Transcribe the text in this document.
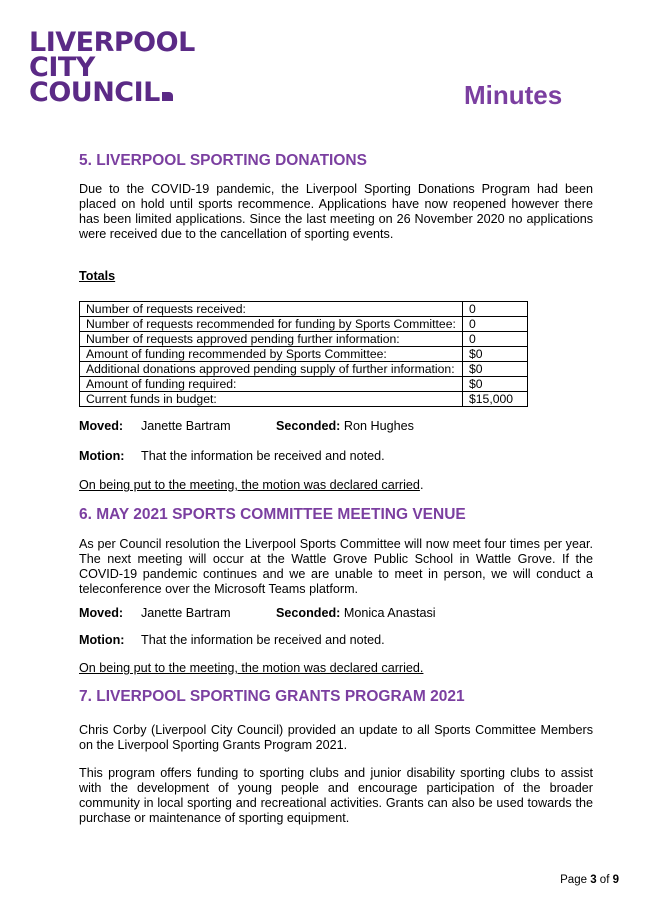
LIVERPOOL
CITY
COUNCIL	Minutes
5. LIVERPOOL SPORTING DONATIONS

Due to the COVID-19 pandemic, the Liverpool Sporting Donations Program had been placed on hold until sports recommence. Applications have now reopened however there has been limited applications. Since the last meeting on 26 November 2020 no applications were received due to the cancellation of sporting events.

Totals
Number of requests received:	0
Number of requests recommended for funding by Sports Committee:	0
Number of requests approved pending further information:	0
Amount of funding recommended by Sports Committee:	$0
Additional donations approved pending supply of further information:	$0
Amount of funding required:	$0
Current funds in budget:	$15,000
Moved: Janette Bartram	Seconded: Ron Hughes
Motion: That the information be received and noted.
On being put to the meeting, the motion was declared carried.
6. MAY 2021 SPORTS COMMITTEE MEETING VENUE

As per Council resolution the Liverpool Sports Committee will now meet four times per year. The next meeting will occur at the Wattle Grove Public School in Wattle Grove. If the COVID-19 pandemic continues and we are unable to meet in person, we will conduct a teleconference over the Microsoft Teams platform.

Moved: Janette Bartram	Seconded: Monica Anastasi
Motion: That the information be received and noted.
On being put to the meeting, the motion was declared carried.
7. LIVERPOOL SPORTING GRANTS PROGRAM 2021

Chris Corby (Liverpool City Council) provided an update to all Sports Committee Members on the Liverpool Sporting Grants Program 2021.

This program offers funding to sporting clubs and junior disability sporting clubs to assist with the development of young people and encourage participation of the broader community in local sporting and recreational activities. Grants can also be used towards the purchase or maintenance of sporting equipment.

Page 3 of 9
